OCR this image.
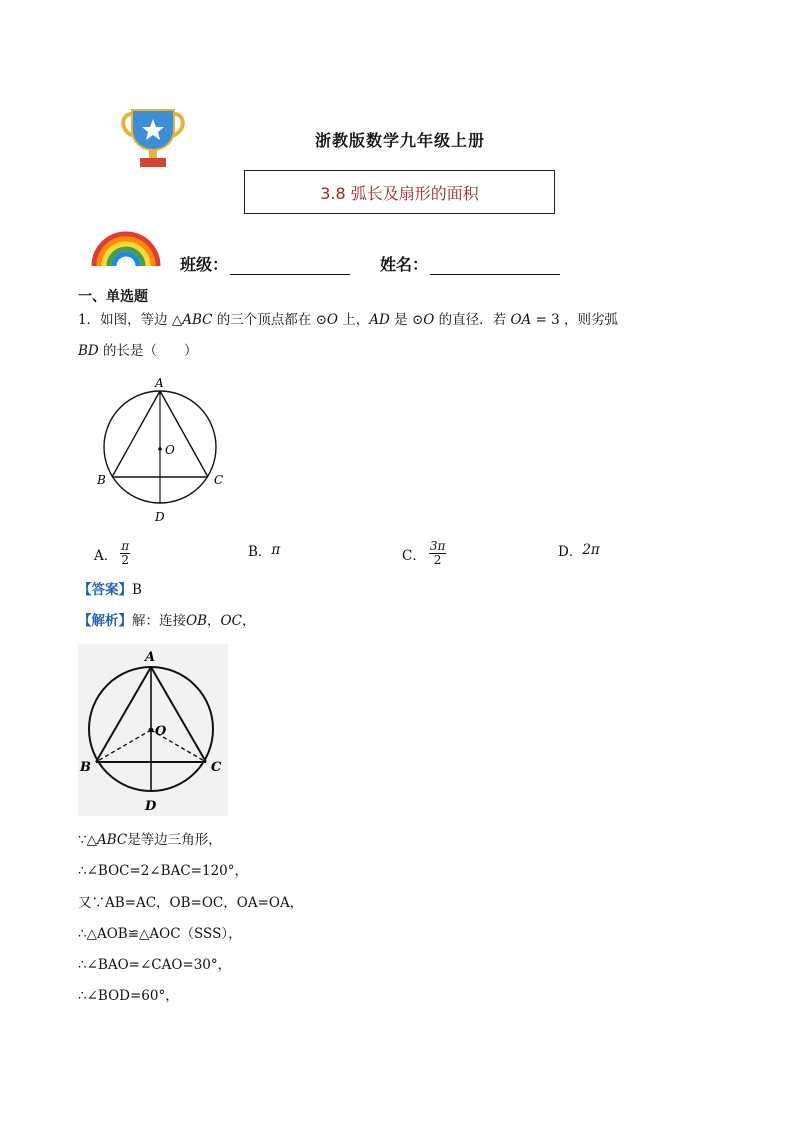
浙教版数学九年级上册
3.8 弧长及扇形的面积
班级：	姓名：
一、单选题
1．如图，等边 △ABC 的三个顶点都在 ⊙O 上，AD 是 ⊙O 的直径．若 OA = 3 ，则劣弧
BD 的长是（　　）
A
O
B	C
D
A． $\frac{\pi}{2}$	B． π	C． $\frac{3\pi}{2}$	D． 2π
【答案】B
【解析】解：连接OB，OC，
A
O
B	C
D
∵△ABC是等边三角形，
∴∠BOC=2∠BAC=120°，
又∵AB=AC，OB=OC，OA=OA，
∴△AOB≌△AOC（SSS），
∴∠BAO=∠CAO=30°，
∴∠BOD=60°，
